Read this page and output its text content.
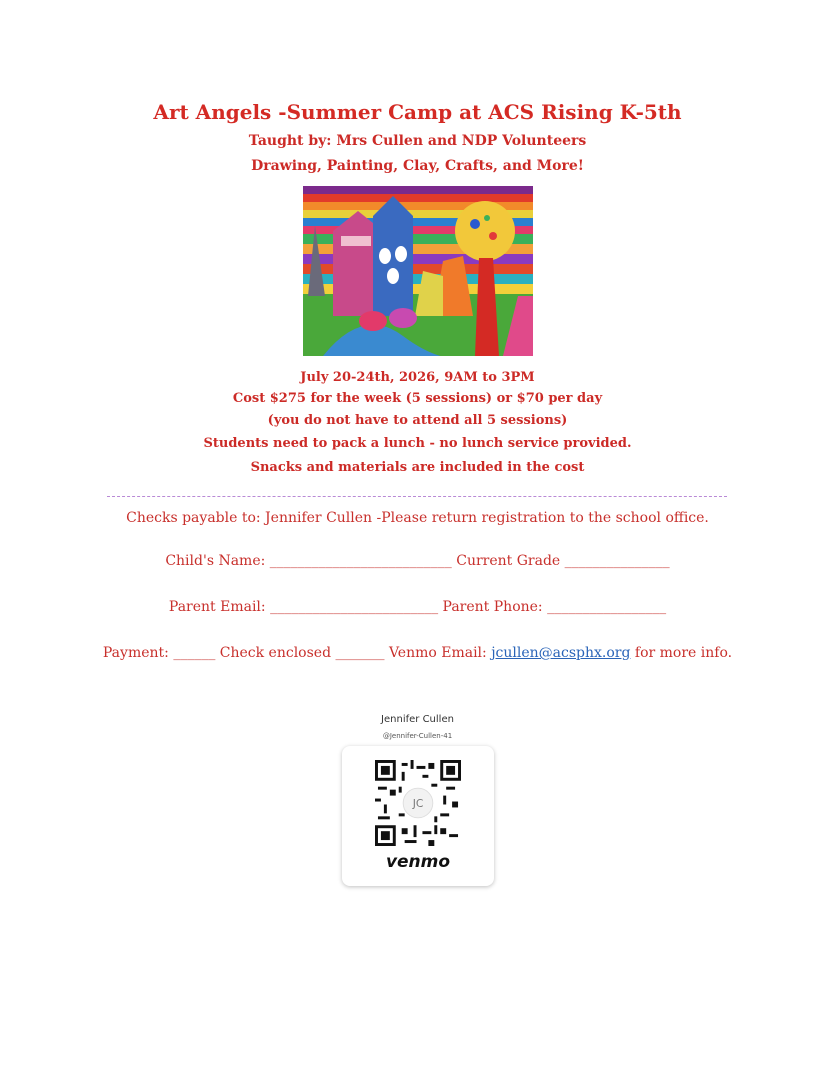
Art Angels -Summer Camp at ACS Rising K-5th
Taught by: Mrs Cullen and NDP Volunteers
Drawing, Painting, Clay, Crafts, and More!
July 20-24th, 2026, 9AM to 3PM
Cost $275 for the week (5 sessions) or $70 per day
(you do not have to attend all 5 sessions)
Students need to pack a lunch - no lunch service provided.
Snacks and materials are included in the cost
Checks payable to: Jennifer Cullen -Please return registration to the school office.
Child's Name: __________________________ Current Grade _______________
Parent Email: ________________________ Parent Phone: _________________
Payment: ______ Check enclosed _______ Venmo Email: jcullen@acsphx.org for more info.
Jennifer Cullen
@Jennifer-Cullen-41
JC
venmo
